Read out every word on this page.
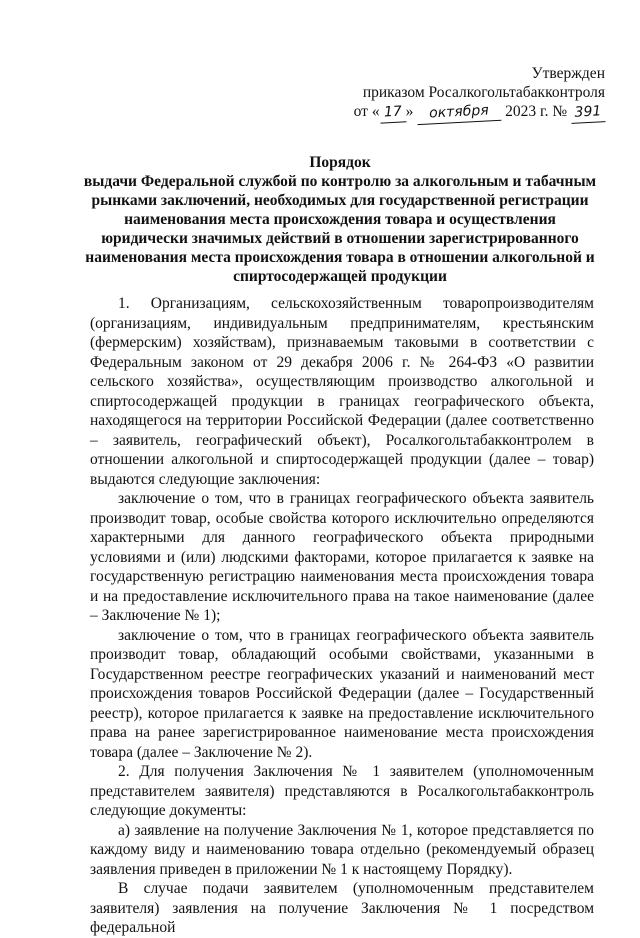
Утвержден
приказом Росалкогольтабакконтроля
от « 17 » октября 2023 г. № 391

Порядок

выдачи Федеральной службой по контролю за алкогольным и табачным

рынками заключений, необходимых для государственной регистрации

наименования места происхождения товара и осуществления

юридически значимых действий в отношении зарегистрированного

наименования места происхождения товара в отношении алкогольной и

спиртосодержащей продукции

1. Организациям, сельскохозяйственным товаропроизводителям (организациям, индивидуальным предпринимателям, крестьянским (фермерским) хозяйствам), признаваемым таковыми в соответствии с Федеральным законом от 29 декабря 2006 г. № 264-ФЗ «О развитии сельского хозяйства», осуществляющим производство алкогольной и спиртосодержащей продукции в границах географического объекта, находящегося на территории Российской Федерации (далее соответственно – заявитель, географический объект), Росалкогольтабакконтролем в отношении алкогольной и спиртосодержащей продукции (далее – товар) выдаются следующие заключения:

заключение о том, что в границах географического объекта заявитель производит товар, особые свойства которого исключительно определяются характерными для данного географического объекта природными условиями и (или) людскими факторами, которое прилагается к заявке на государственную регистрацию наименования места происхождения товара и на предоставление исключительного права на такое наименование (далее – Заключение № 1);

заключение о том, что в границах географического объекта заявитель производит товар, обладающий особыми свойствами, указанными в Государственном реестре географических указаний и наименований мест происхождения товаров Российской Федерации (далее – Государственный реестр), которое прилагается к заявке на предоставление исключительного права на ранее зарегистрированное наименование места происхождения товара (далее – Заключение № 2).

2. Для получения Заключения № 1 заявителем (уполномоченным представителем заявителя) представляются в Росалкогольтабакконтроль следующие документы:

а) заявление на получение Заключения № 1, которое представляется по каждому виду и наименованию товара отдельно (рекомендуемый образец заявления приведен в приложении № 1 к настоящему Порядку).

В случае подачи заявителем (уполномоченным представителем заявителя) заявления на получение Заключения № 1 посредством федеральной
